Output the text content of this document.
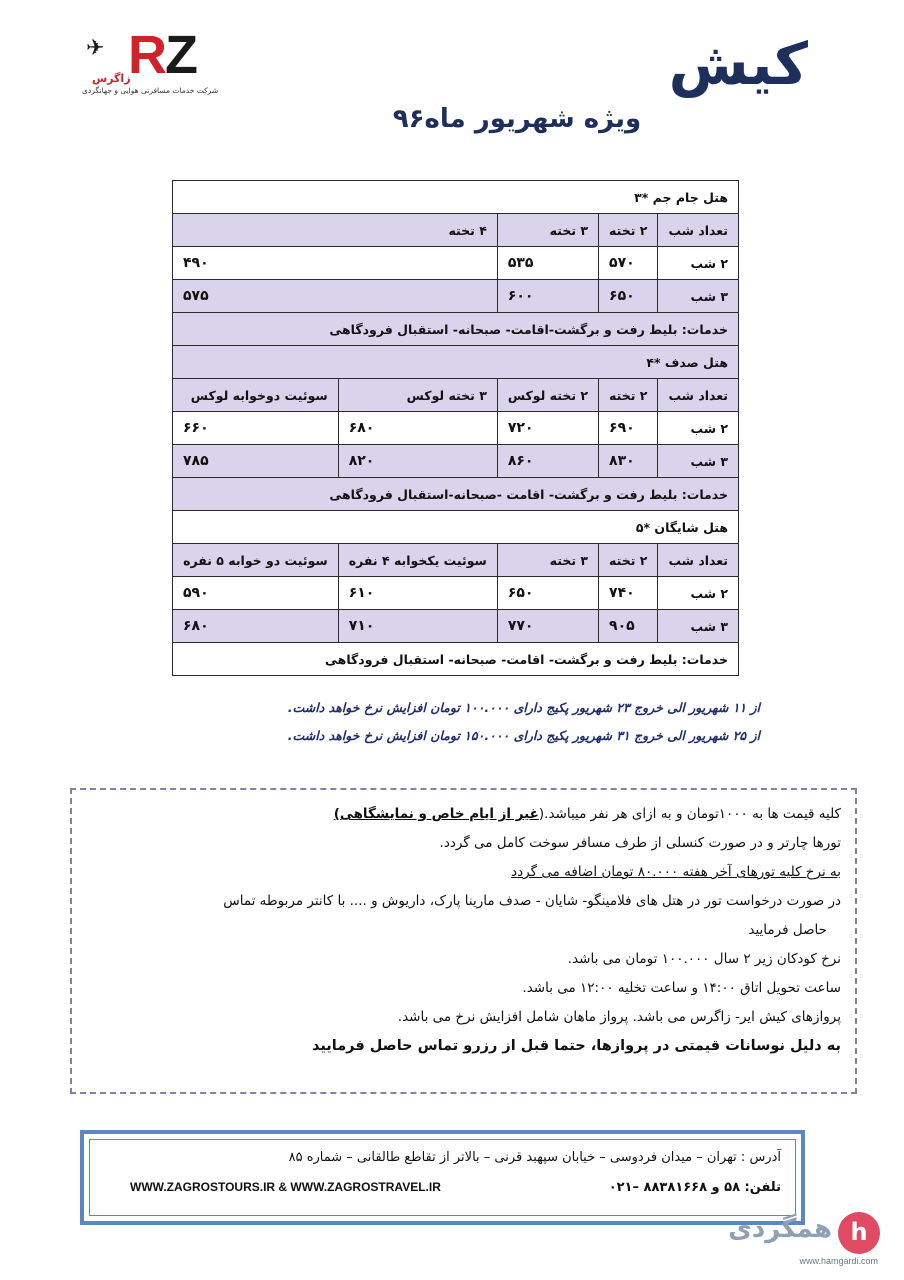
✈ RZ
زاگرس
شرکت خدمات مسافرتی هوایی و جهانگردی	کیش
ویژه شهریور ماه۹۶
هتل جام جم *۳				
تعداد شب	۲ تخته	۳ تخته	۴ تخته	
۲ شب	۵۷۰	۵۳۵	۴۹۰	
۳ شب	۶۵۰	۶۰۰	۵۷۵	
خدمات: بلیط رفت و برگشت-اقامت- صبحانه- استقبال فرودگاهی				
هتل صدف *۴				
تعداد شب	۲ تخته	۲ تخته لوکس	۳ تخته لوکس	سوئیت دوخوابه لوکس
۲ شب	۶۹۰	۷۲۰	۶۸۰	۶۶۰
۳ شب	۸۳۰	۸۶۰	۸۲۰	۷۸۵
خدمات: بلیط رفت و برگشت- اقامت -صبحانه-استقبال فرودگاهی				
هتل شایگان *۵				
تعداد شب	۲ تخته	۳ تخته	سوئیت یکخوابه ۴ نفره	سوئیت دو خوابه ۵ نفره
۲ شب	۷۴۰	۶۵۰	۶۱۰	۵۹۰
۳ شب	۹۰۵	۷۷۰	۷۱۰	۶۸۰
خدمات: بلیط رفت و برگشت- اقامت- صبحانه- استقبال فرودگاهی				
از ۱۱ شهریور الی خروج ۲۳ شهریور پکیج دارای ۱۰۰.۰۰۰ تومان افزایش نرخ خواهد داشت.
از ۲۵ شهریور الی خروج ۳۱ شهریور پکیج دارای ۱۵۰.۰۰۰ تومان افزایش نرخ خواهد داشت.
کلیه قیمت ها به ۱۰۰۰تومان و به ازای هر نفر میباشد.(غیر از ایام خاص و نمایشگاهی)
تورها چارتر و در صورت کنسلی از طرف مسافر سوخت کامل می گردد.
به نرخ کلیه تورهای آخر هفته ۸۰.۰۰۰ تومان اضافه می گردد
در صورت درخواست تور در هتل های فلامینگو- شایان - صدف مارینا پارک، داریوش و .... با کانتر مربوطه تماس
حاصل فرمایید
نرخ کودکان زیر ۲ سال ۱۰۰.۰۰۰ تومان می باشد.
ساعت تحویل اتاق ۱۴:۰۰ و ساعت تخلیه ۱۲:۰۰ می باشد.
پروازهای کیش ایر- زاگرس می باشد. پرواز ماهان شامل افزایش نرخ می باشد.
به دلیل نوسانات قیمتی در پروازها، حتما قبل از رزرو تماس حاصل فرمایید
آدرس : تهران – میدان فردوسی – خیابان سپهبد قرنی – بالاتر از تقاطع طالقانی – شماره ۸۵
تلفن: ۵۸ و ۸۸۳۸۱۶۶۸ –۰۲۱
WWW.ZAGROSTOURS.IR & WWW.ZAGROSTRAVEL.IR
h
همگردی
www.hamgardi.com
